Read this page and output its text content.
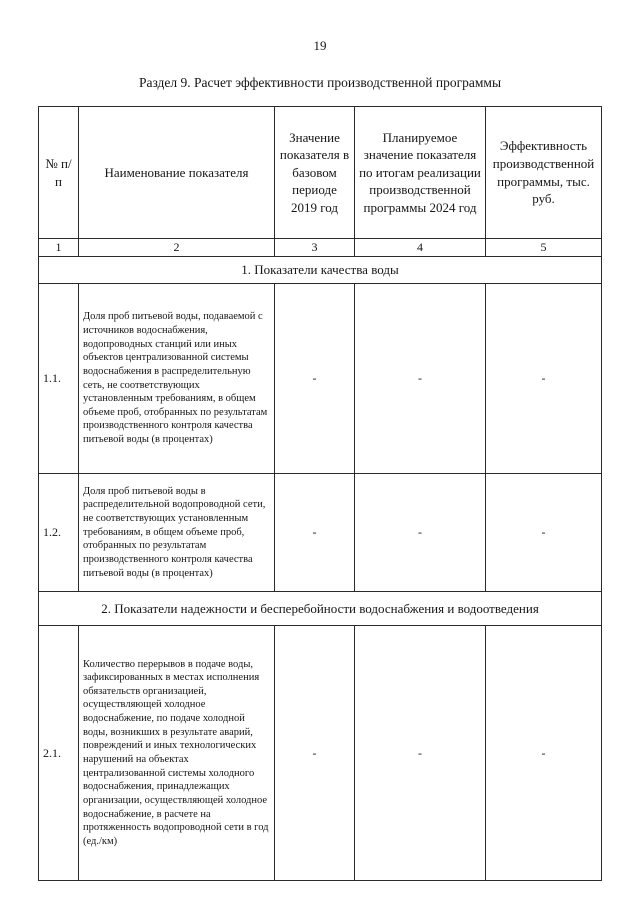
19
Раздел 9. Расчет эффективности производственной программы
№ п/п	Наименование показателя	Значение показателя в базовом периоде 2019 год	Планируемое значение показателя по итогам реализации производственной программы 2024 год	Эффективность производственной программы, тыс. руб.
1	2	3	4	5
1. Показатели качества воды				
1.1.	Доля проб питьевой воды, подаваемой с источников водоснабжения, водопроводных станций или иных объектов централизованной системы водоснабжения в распределительную сеть, не соответствующих установленным требованиям, в общем объеме проб, отобранных по результатам производственного контроля качества питьевой воды (в процентах)	-	-	-
1.2.	Доля проб питьевой воды в распределительной водопроводной сети, не соответствующих установленным требованиям, в общем объеме проб, отобранных по результатам производственного контроля качества питьевой воды (в процентах)	-	-	-
2. Показатели надежности и бесперебойности водоснабжения и водоотведения				
2.1.	Количество перерывов в подаче воды, зафиксированных в местах исполнения обязательств организацией, осуществляющей холодное водоснабжение, по подаче холодной воды, возникших в результате аварий, повреждений и иных технологических нарушений на объектах централизованной системы холодного водоснабжения, принадлежащих организации, осуществляющей холодное водоснабжение, в расчете на протяженность водопроводной сети в год (ед./км)	-	-	-
